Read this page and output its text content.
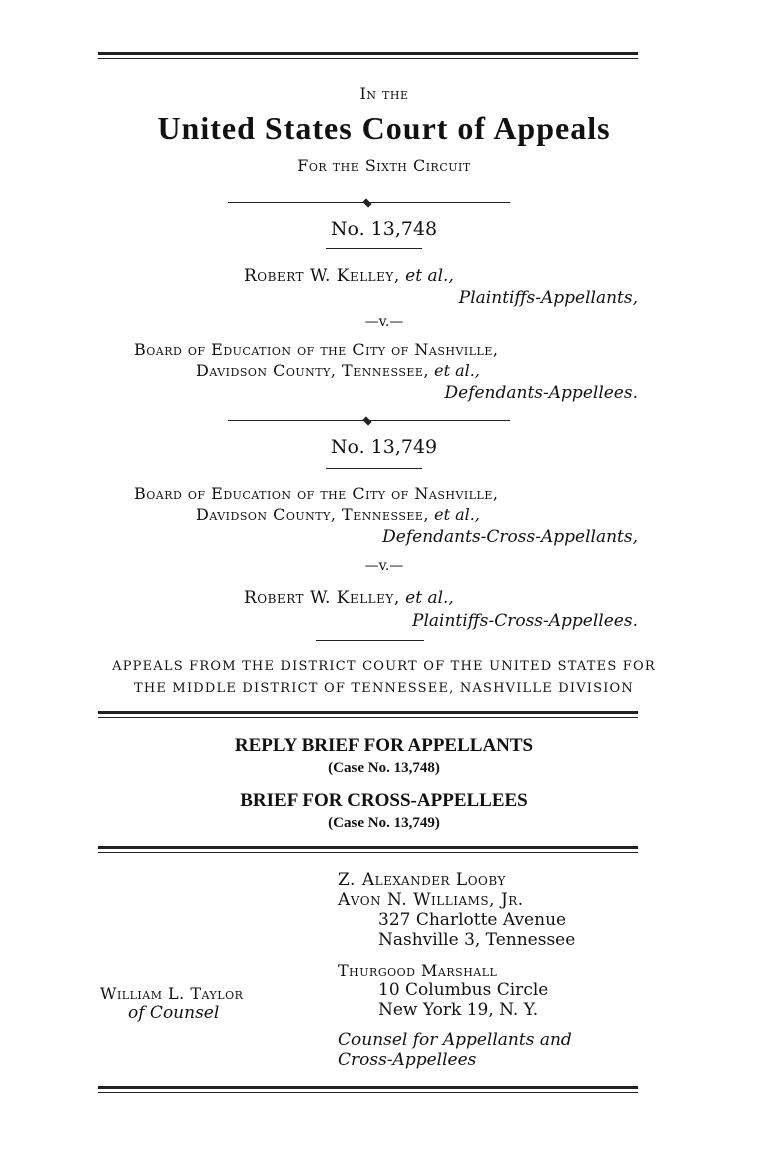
In the
United States Court of Appeals
For the Sixth Circuit
No. 13,748
Robert W. Kelley, et al.,
Plaintiffs-Appellants,
—v.—
Board of Education of the City of Nashville,
Davidson County, Tennessee, et al.,
Defendants-Appellees.
No. 13,749
Board of Education of the City of Nashville,
Davidson County, Tennessee, et al.,
Defendants-Cross-Appellants,
—v.—
Robert W. Kelley, et al.,
Plaintiffs-Cross-Appellees.
APPEALS FROM THE DISTRICT COURT OF THE UNITED STATES FOR
THE MIDDLE DISTRICT OF TENNESSEE, NASHVILLE DIVISION
REPLY BRIEF FOR APPELLANTS
(Case No. 13,748)
BRIEF FOR CROSS-APPELLEES
(Case No. 13,749)
Z. Alexander Looby
Avon N. Williams, Jr.
327 Charlotte Avenue
Nashville 3, Tennessee
Thurgood Marshall
10 Columbus Circle
New York 19, N. Y.
Counsel for Appellants and
Cross-Appellees
William L. Taylor
of Counsel
